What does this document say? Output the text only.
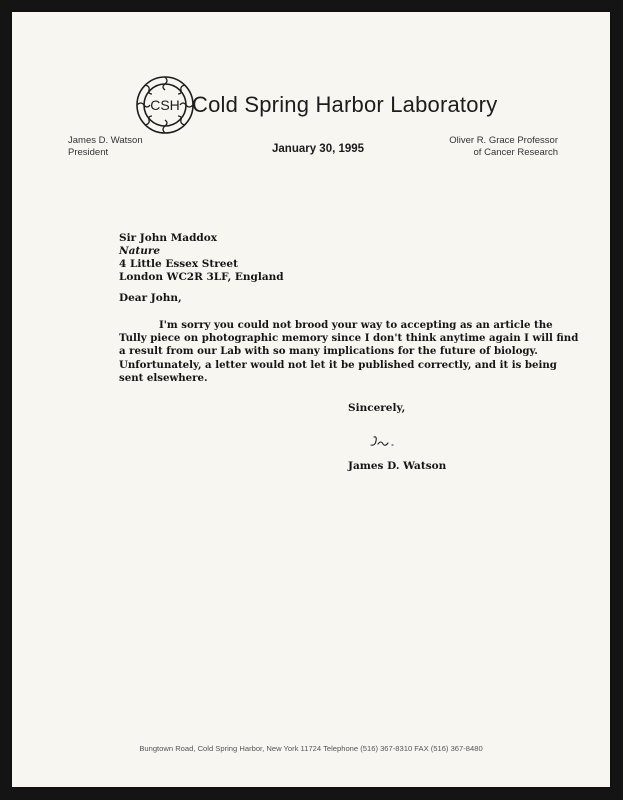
CSH Cold Spring Harbor Laboratory
James D. Watson
President	January 30, 1995
Oliver R. Grace Professor
of Cancer Research
Sir John Maddox
Nature
4 Little Essex Street
London WC2R 3LF, England
Dear John,
I'm sorry you could not brood your way to accepting as an article the
Tully piece on photographic memory since I don't think anytime again I will find
a result from our Lab with so many implications for the future of biology.
Unfortunately, a letter would not let it be published correctly, and it is being
sent elsewhere.
Sincerely,
James D. Watson
Bungtown Road, Cold Spring Harbor, New York 11724 Telephone (516) 367-8310 FAX (516) 367-8480
